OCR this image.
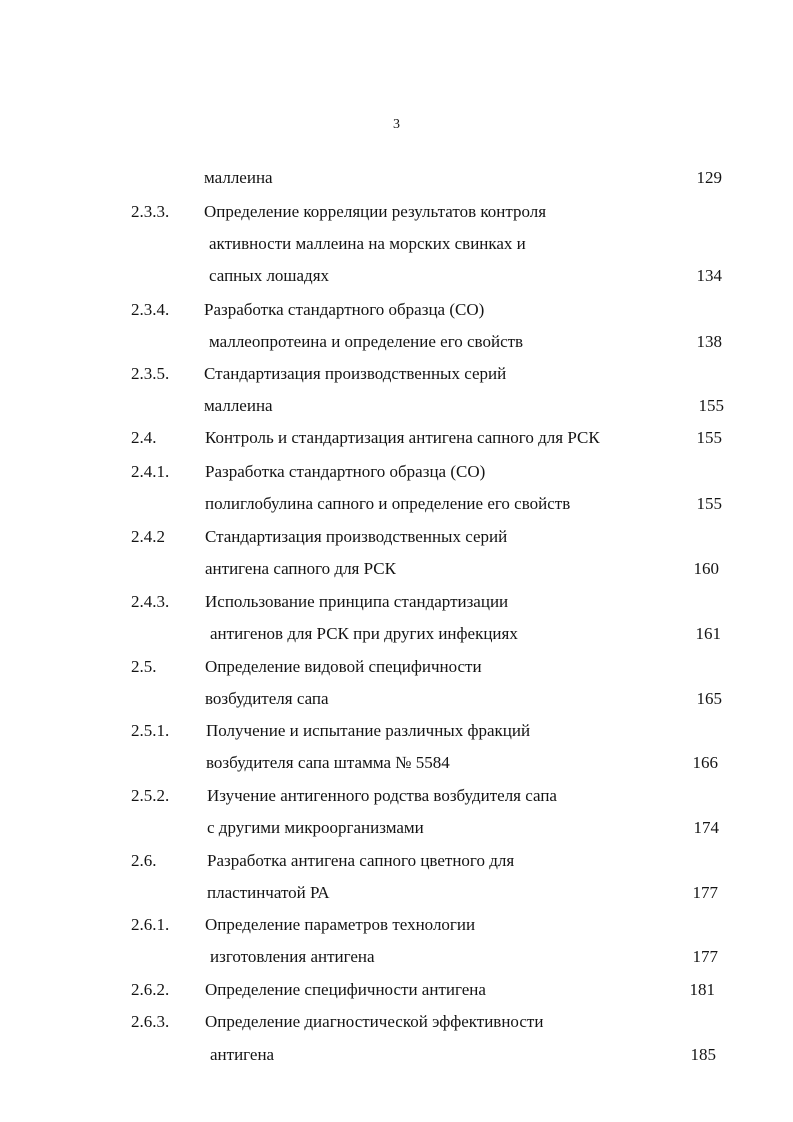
3
маллеина	129
2.3.3. Определение корреляции результатов контроля
активности маллеина на морских свинках и
сапных лошадях	134
2.3.4. Разработка стандартного образца (СО)
маллеопротеина и определение его свойств	138
2.3.5. Стандартизация производственных серий
маллеина	155
2.4.	Контроль и стандартизация антигена сапного для РСК	155
2.4.1. Разработка стандартного образца (СО)
полиглобулина сапного и определение его свойств	155
2.4.2 Стандартизация производственных серий
антигена сапного для РСК	160
2.4.3. Использование принципа стандартизации
антигенов для РСК при других инфекциях	161
2.5.	Определение видовой специфичности
возбудителя сапа	165
2.5.1. Получение и испытание различных фракций
возбудителя сапа штамма № 5584	166
2.5.2. Изучение антигенного родства возбудителя сапа
с другими микроорганизмами	174
2.6.	Разработка антигена сапного цветного для
пластинчатой РА	177
2.6.1. Определение параметров технологии
изготовления антигена	177
2.6.2. Определение специфичности антигена	181
2.6.3. Определение диагностической эффективности
антигена	185
